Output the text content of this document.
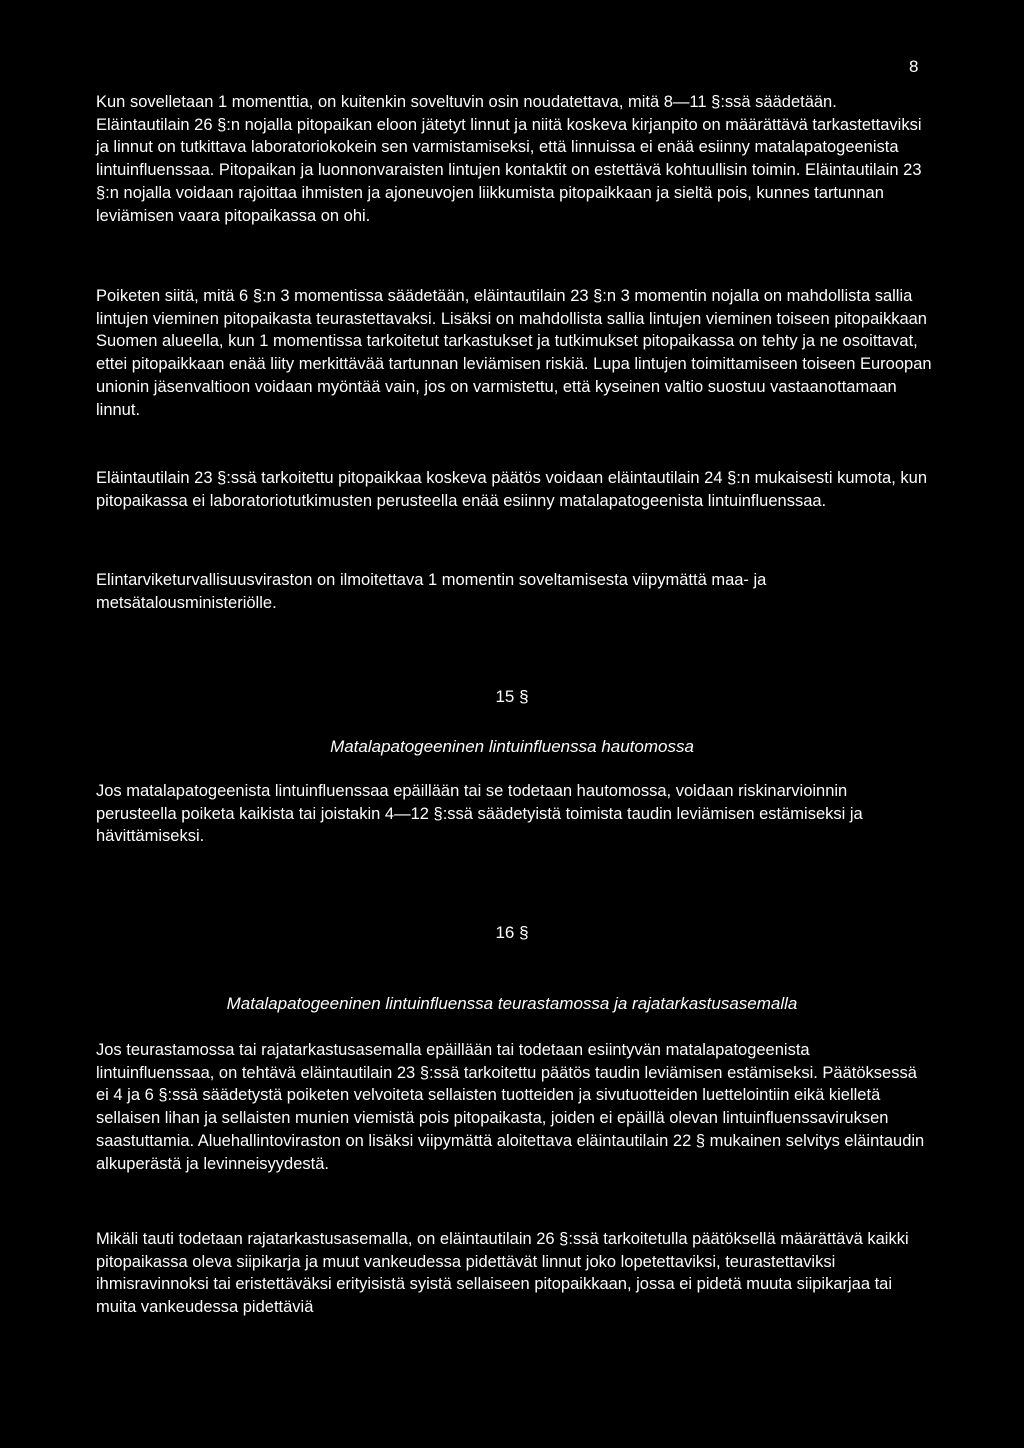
8

Kun sovelletaan 1 momenttia, on kuitenkin soveltuvin osin noudatettava, mitä 8—11 §:ssä säädetään. Eläintautilain 26 §:n nojalla pitopaikan eloon jätetyt linnut ja niitä koskeva kirjanpito on määrättävä tarkastettaviksi ja linnut on tutkittava laboratoriokokein sen varmistamiseksi, että linnuissa ei enää esiinny matalapatogeenista lintuinfluenssaa. Pitopaikan ja luonnonvaraisten lintujen kontaktit on estettävä kohtuullisin toimin. Eläintautilain 23 §:n nojalla voidaan rajoittaa ihmisten ja ajoneuvojen liikkumista pitopaikkaan ja sieltä pois, kunnes tartunnan leviämisen vaara pitopaikassa on ohi.

Poiketen siitä, mitä 6 §:n 3 momentissa säädetään, eläintautilain 23 §:n 3 momentin nojalla on mahdollista sallia lintujen vieminen pitopaikasta teurastettavaksi. Lisäksi on mahdollista sallia lintujen vieminen toiseen pitopaikkaan Suomen alueella, kun 1 momentissa tarkoitetut tarkastukset ja tutkimukset pitopaikassa on tehty ja ne osoittavat, ettei pitopaikkaan enää liity merkittävää tartunnan leviämisen riskiä. Lupa lintujen toimittamiseen toiseen Euroopan unionin jäsenvaltioon voidaan myöntää vain, jos on varmistettu, että kyseinen valtio suostuu vastaanottamaan linnut.

Eläintautilain 23 §:ssä tarkoitettu pitopaikkaa koskeva päätös voidaan eläintautilain 24 §:n mukaisesti kumota, kun pitopaikassa ei laboratoriotutkimusten perusteella enää esiinny matalapatogeenista lintuinfluenssaa.

Elintarviketurvallisuusviraston on ilmoitettava 1 momentin soveltamisesta viipymättä maa- ja metsätalousministeriölle.

15 §
Matalapatogeeninen lintuinfluenssa hautomossa

Jos matalapatogeenista lintuinfluenssaa epäillään tai se todetaan hautomossa, voidaan riskinarvioinnin perusteella poiketa kaikista tai joistakin 4—12 §:ssä säädetyistä toimista taudin leviämisen estämiseksi ja hävittämiseksi.

16 §
Matalapatogeeninen lintuinfluenssa teurastamossa ja rajatarkastusasemalla

Jos teurastamossa tai rajatarkastusasemalla epäillään tai todetaan esiintyvän matalapatogeenista lintuinfluenssaa, on tehtävä eläintautilain 23 §:ssä tarkoitettu päätös taudin leviämisen estämiseksi. Päätöksessä ei 4 ja 6 §:ssä säädetystä poiketen velvoiteta sellaisten tuotteiden ja sivutuotteiden luettelointiin eikä kielletä sellaisen lihan ja sellaisten munien viemistä pois pitopaikasta, joiden ei epäillä olevan lintuinfluenssaviruksen saastuttamia. Aluehallintoviraston on lisäksi viipymättä aloitettava eläintautilain 22 § mukainen selvitys eläintaudin alkuperästä ja levinneisyydestä.

Mikäli tauti todetaan rajatarkastusasemalla, on eläintautilain 26 §:ssä tarkoitetulla päätöksellä määrättävä kaikki pitopaikassa oleva siipikarja ja muut vankeudessa pidettävät linnut joko lopetettaviksi, teurastettaviksi ihmisravinnoksi tai eristettäväksi erityisistä syistä sellaiseen pitopaikkaan, jossa ei pidetä muuta siipikarjaa tai muita vankeudessa pidettäviä
